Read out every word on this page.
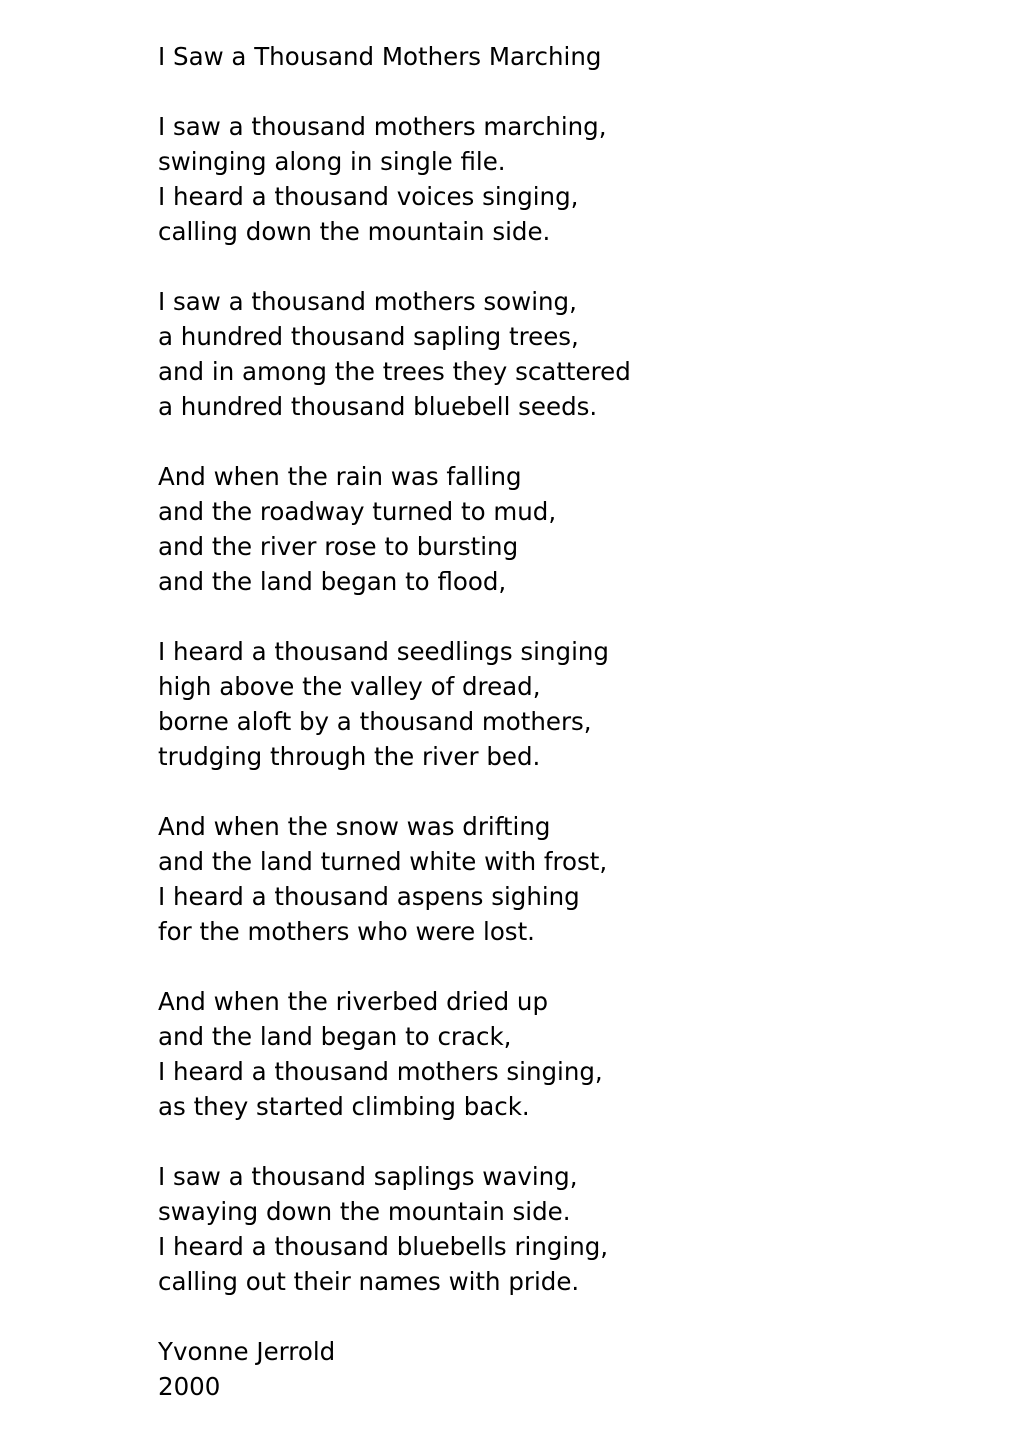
I Saw a Thousand Mothers Marching
I saw a thousand mothers marching,
swinging along in single file.
I heard a thousand voices singing,
calling down the mountain side.
I saw a thousand mothers sowing,
a hundred thousand sapling trees,
and in among the trees they scattered
a hundred thousand bluebell seeds.
And when the rain was falling
and the roadway turned to mud,
and the river rose to bursting
and the land began to flood,
I heard a thousand seedlings singing
high above the valley of dread,
borne aloft by a thousand mothers,
trudging through the river bed.
And when the snow was drifting
and the land turned white with frost,
I heard a thousand aspens sighing
for the mothers who were lost.
And when the riverbed dried up
and the land began to crack,
I heard a thousand mothers singing,
as they started climbing back.
I saw a thousand saplings waving,
swaying down the mountain side.
I heard a thousand bluebells ringing,
calling out their names with pride.
Yvonne Jerrold
2000
